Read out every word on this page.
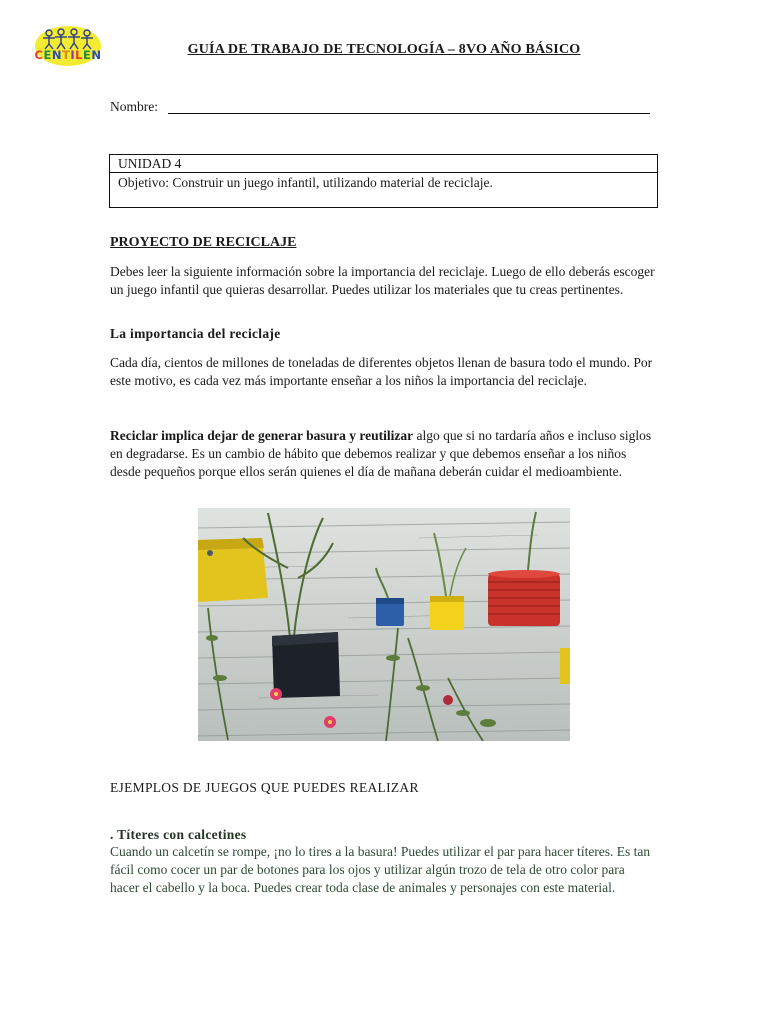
CENTILEN	GUÍA DE TRABAJO DE TECNOLOGÍA – 8VO AÑO BÁSICO
Nombre:
UNIDAD 4
Objetivo: Construir un juego infantil, utilizando material de reciclaje.
PROYECTO DE RECICLAJE
Debes leer la siguiente información sobre la importancia del reciclaje. Luego de ello deberás escoger un juego infantil que quieras desarrollar. Puedes utilizar los materiales que tu creas pertinentes.
La importancia del reciclaje
Cada día, cientos de millones de toneladas de diferentes objetos llenan de basura todo el mundo. Por este motivo, es cada vez más importante enseñar a los niños la importancia del reciclaje.
Reciclar implica dejar de generar basura y reutilizar algo que si no tardaría años e incluso siglos en degradarse. Es un cambio de hábito que debemos realizar y que debemos enseñar a los niños desde pequeños porque ellos serán quienes el día de mañana deberán cuidar el medioambiente.
EJEMPLOS DE JUEGOS QUE PUEDES REALIZAR
. Títeres con calcetines
Cuando un calcetín se rompe, ¡no lo tires a la basura! Puedes utilizar el par para hacer títeres. Es tan fácil como cocer un par de botones para los ojos y utilizar algún trozo de tela de otro color para hacer el cabello y la boca. Puedes crear toda clase de animales y personajes con este material.
